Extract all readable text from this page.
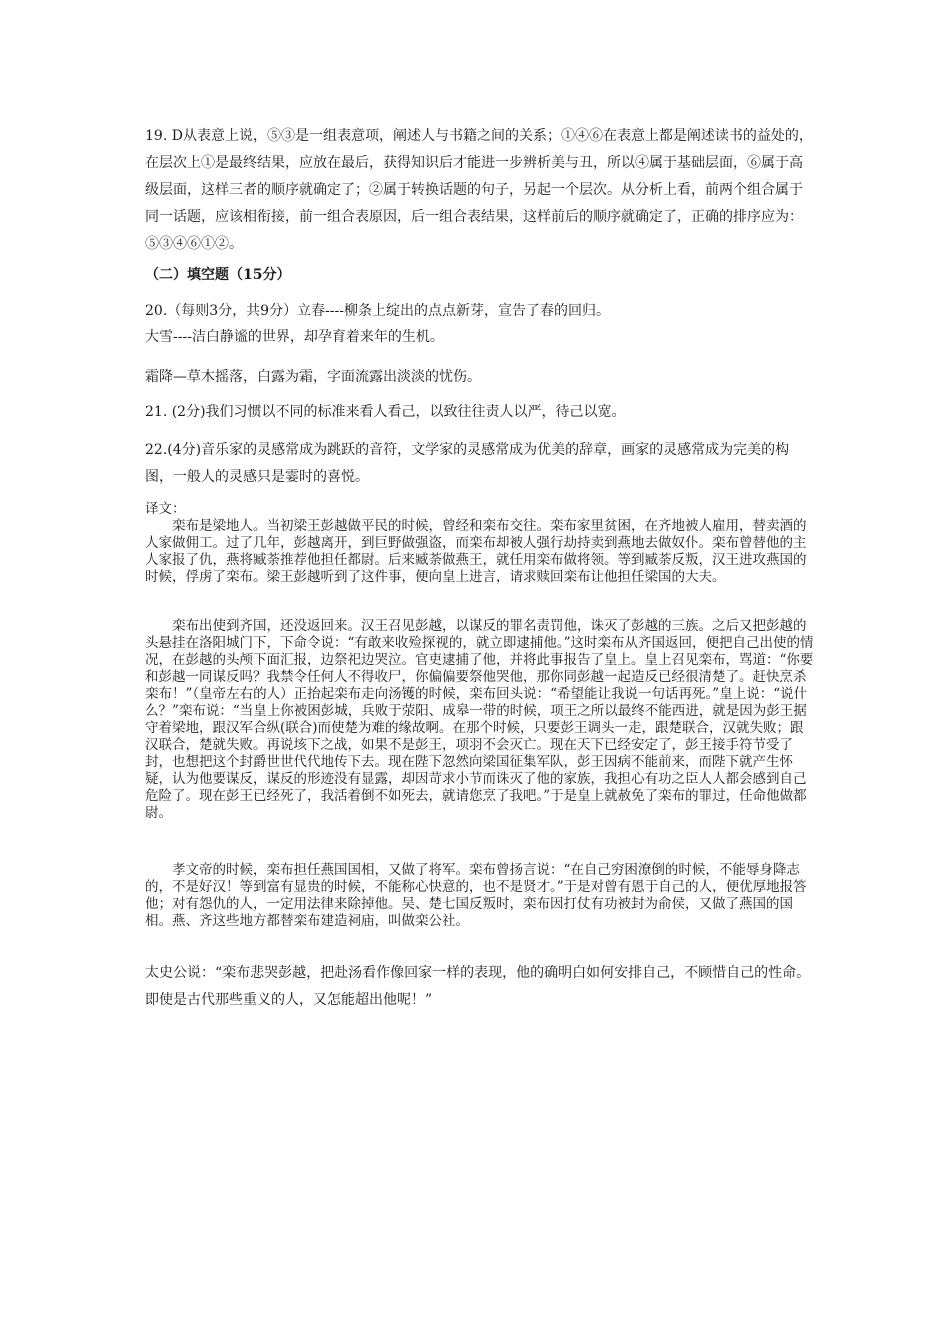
19. D从表意上说，⑤③是一组表意项，阐述人与书籍之间的关系；①④⑥在表意上都是阐述读书的益处的，在层次上①是最终结果，应放在最后，获得知识后才能进一步辨析美与丑，所以④属于基础层面，⑥属于高级层面，这样三者的顺序就确定了；②属于转换话题的句子，另起一个层次。从分析上看，前两个组合属于同一话题，应该相衔接，前一组合表原因，后一组合表结果，这样前后的顺序就确定了，正确的排序应为：⑤③④⑥①②。

（二）填空题（15分）

20.（每则3分，共9分）立春----柳条上绽出的点点新芽，宣告了春的回归。

大雪----洁白静谧的世界，却孕育着来年的生机。

霜降—草木摇落，白露为霜，字面流露出淡淡的忧伤。

21. (2分)我们习惯以不同的标准来看人看己，以致往往责人以严，待己以宽。

22.(4分)音乐家的灵感常成为跳跃的音符，文学家的灵感常成为优美的辞章，画家的灵感常成为完美的构图，一般人的灵感只是霎时的喜悦。

译文：

栾布是梁地人。当初梁王彭越做平民的时候，曾经和栾布交往。栾布家里贫困，在齐地被人雇用，替卖酒的人家做佣工。过了几年，彭越离开，到巨野做强盗，而栾布却被人强行劫持卖到燕地去做奴仆。栾布曾替他的主人家报了仇，燕将臧荼推荐他担任都尉。后来臧荼做燕王，就任用栾布做将领。等到臧荼反叛，汉王进攻燕国的时候，俘虏了栾布。梁王彭越听到了这件事，便向皇上进言，请求赎回栾布让他担任梁国的大夫。

栾布出使到齐国，还没返回来。汉王召见彭越，以谋反的罪名责罚他，诛灭了彭越的三族。之后又把彭越的头悬挂在洛阳城门下，下命令说：“有敢来收殓探视的，就立即逮捕他。”这时栾布从齐国返回，便把自己出使的情况，在彭越的头颅下面汇报，边祭祀边哭泣。官吏逮捕了他，并将此事报告了皇上。皇上召见栾布，骂道：“你要和彭越一同谋反吗？我禁令任何人不得收尸，你偏偏要祭他哭他，那你同彭越一起造反已经很清楚了。赶快烹杀栾布！”（皇帝左右的人）正抬起栾布走向汤镬的时候，栾布回头说：“希望能让我说一句话再死。”皇上说：“说什么？”栾布说：“当皇上你被困彭城，兵败于荥阳、成皋一带的时候，项王之所以最终不能西进，就是因为彭王据守着梁地，跟汉军合纵(联合)而使楚为难的缘故啊。在那个时候，只要彭王调头一走，跟楚联合，汉就失败；跟汉联合，楚就失败。再说垓下之战，如果不是彭王，项羽不会灭亡。现在天下已经安定了，彭王接手符节受了封，也想把这个封爵世世代代地传下去。现在陛下忽然向梁国征集军队，彭王因病不能前来，而陛下就产生怀疑，认为他要谋反，谋反的形迹没有显露，却因苛求小节而诛灭了他的家族，我担心有功之臣人人都会感到自己危险了。现在彭王已经死了，我活着倒不如死去，就请您烹了我吧。”于是皇上就赦免了栾布的罪过，任命他做都尉。

孝文帝的时候，栾布担任燕国国相，又做了将军。栾布曾扬言说：“在自己穷困潦倒的时候，不能辱身降志的，不是好汉！等到富有显贵的时候，不能称心快意的，也不是贤才。”于是对曾有恩于自己的人，便优厚地报答他；对有怨仇的人，一定用法律来除掉他。吴、楚七国反叛时，栾布因打仗有功被封为俞侯，又做了燕国的国相。燕、齐这些地方都替栾布建造祠庙，叫做栾公社。

太史公说：“栾布悲哭彭越，把赴汤看作像回家一样的表现，他的确明白如何安排自己，不顾惜自己的性命。即使是古代那些重义的人，又怎能超出他呢！”
